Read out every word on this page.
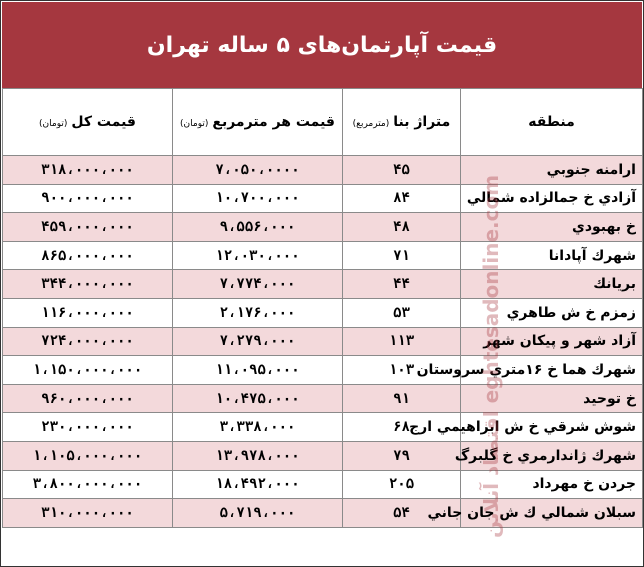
قیمت آپارتمان‌های ۵ ساله تهران
منطقه	متراژ بنا(مترمربع)	قیمت هر مترمربع(تومان)	قیمت کل(تومان)
ارامنه جنوبي	۴۵	۷،۰۵۰،۰۰۰۰	۳۱۸،۰۰۰،۰۰۰
آزادي خ جمالزاده شمالي	۸۴	۱۰،۷۰۰،۰۰۰	۹۰۰،۰۰۰،۰۰۰
خ بهبودي	۴۸	۹،۵۵۶،۰۰۰	۴۵۹،۰۰۰،۰۰۰
شهرك آپادانا	۷۱	۱۲،۰۳۰،۰۰۰	۸۶۵،۰۰۰،۰۰۰
بريانك	۴۴	۷،۷۷۴،۰۰۰	۳۴۴،۰۰۰،۰۰۰
زمزم خ ش طاهري	۵۳	۲،۱۷۶،۰۰۰	۱۱۶،۰۰۰،۰۰۰
آزاد شهر و پيكان شهر	۱۱۳	۷،۲۷۹،۰۰۰	۷۲۴،۰۰۰،۰۰۰
شهرك هما خ ۱۶متري سروستان	۱۰۳	۱۱،۰۹۵،۰۰۰	۱،۱۵۰،۰۰۰،۰۰۰
خ توحيد	۹۱	۱۰،۴۷۵،۰۰۰	۹۶۰،۰۰۰،۰۰۰
شوش شرقي خ ش ابراهيمي ارج	۶۸	۳،۳۳۸،۰۰۰	۲۳۰،۰۰۰،۰۰۰
شهرك ژاندارمري خ گلبرگ	۷۹	۱۳،۹۷۸،۰۰۰	۱،۱۰۵،۰۰۰،۰۰۰
جردن خ مهرداد	۲۰۵	۱۸،۴۹۲،۰۰۰	۳،۸۰۰،۰۰۰،۰۰۰
سبلان شمالي ك ش جان جاني	۵۴	۵،۷۱۹،۰۰۰	۳۱۰،۰۰۰،۰۰۰	اقتصاد آنلاین eghtesadonline.com
